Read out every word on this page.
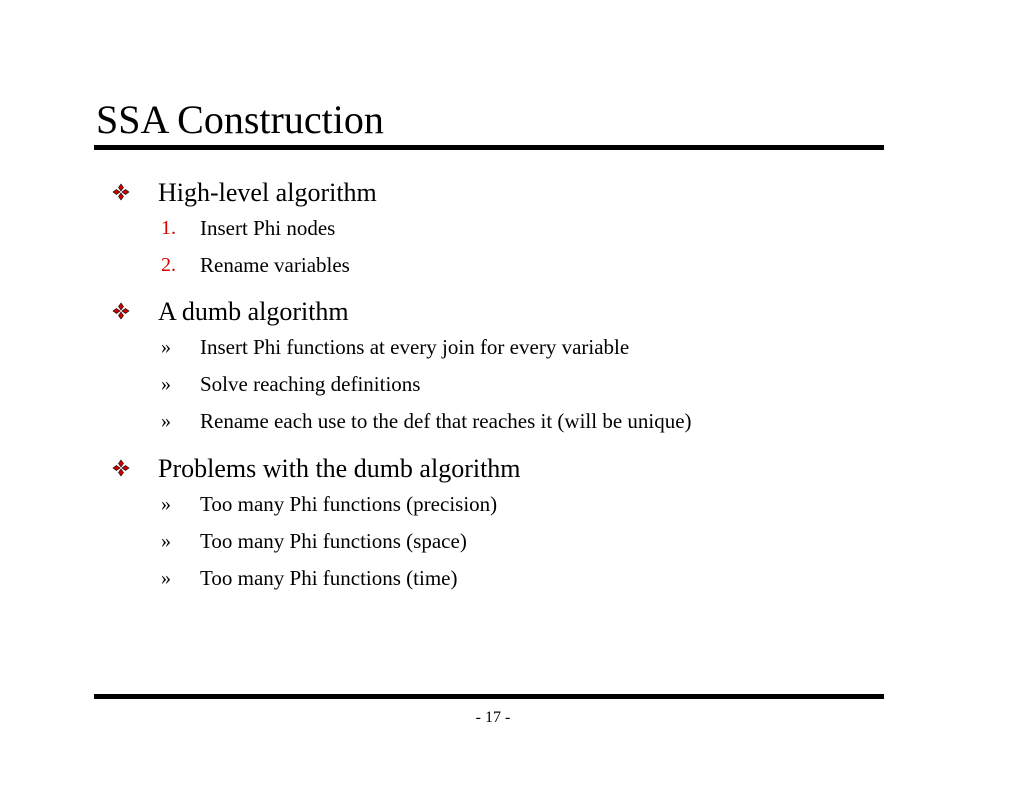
SSA Construction
High-level algorithm
1. Insert Phi nodes
2. Rename variables
A dumb algorithm
» Insert Phi functions at every join for every variable
» Solve reaching definitions
» Rename each use to the def that reaches it (will be unique)
Problems with the dumb algorithm
» Too many Phi functions (precision)
» Too many Phi functions (space)
» Too many Phi functions (time)
- 17 -
